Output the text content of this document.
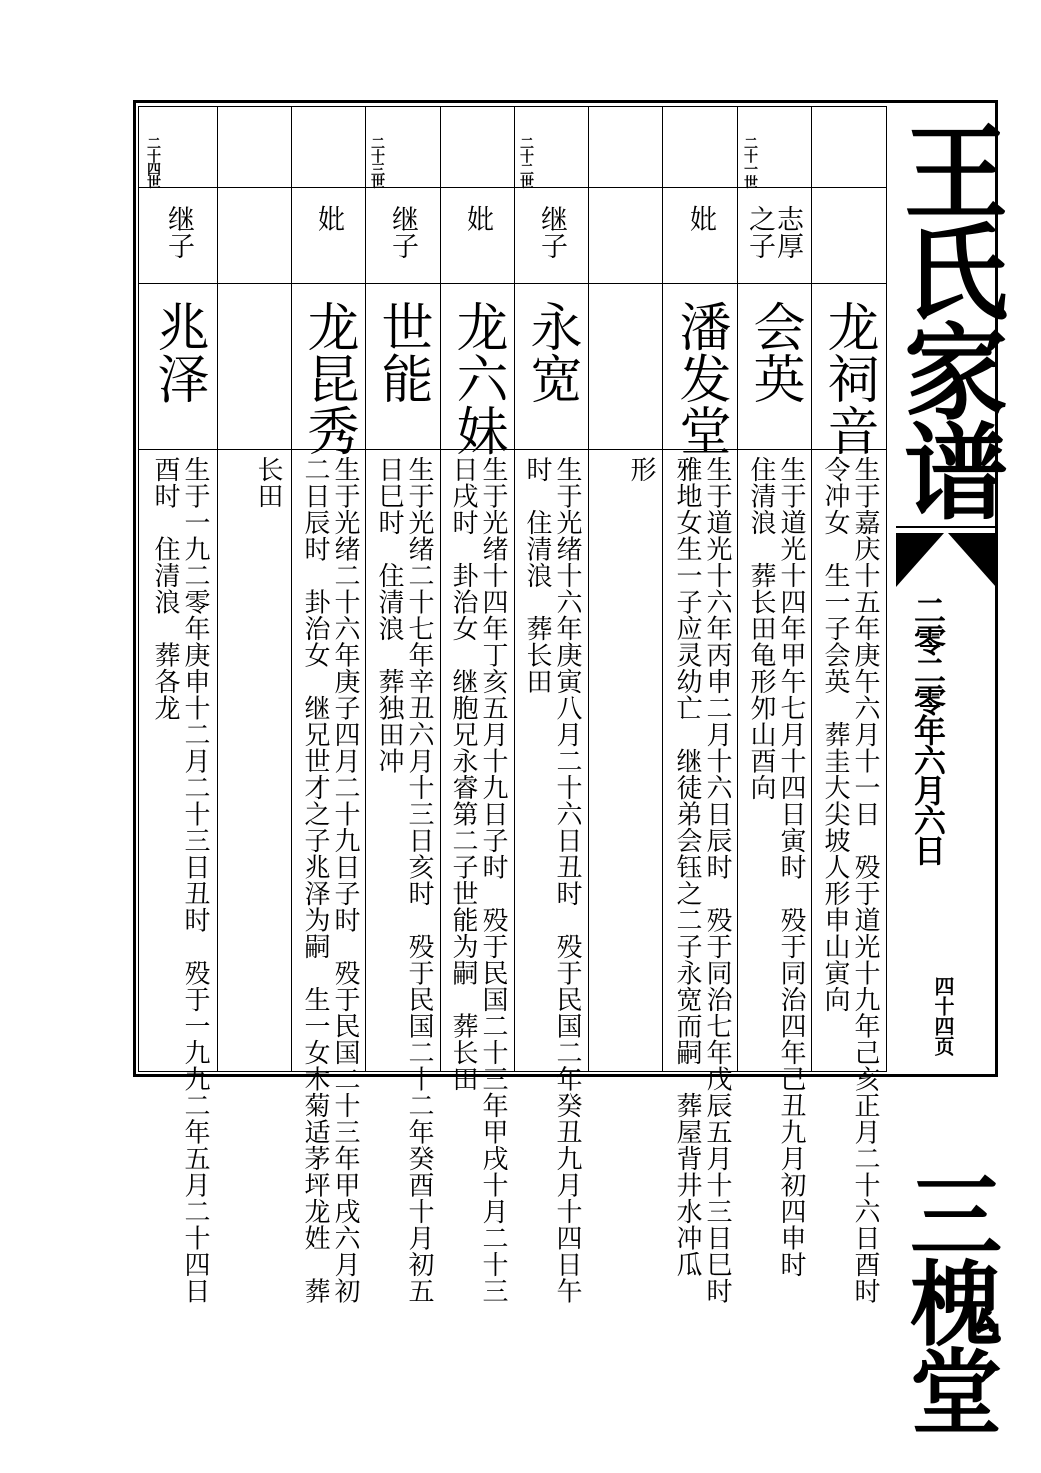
二十一世
龙祠音
生于嘉庆十五年庚午六月十一日　殁于道光十九年己亥正月二十六日酉时
令冲女　生一子会英　葬圭大尖坡人形申山寅向
志厚
之子
会英
生于道光十四年甲午七月十四日寅时　殁于同治四年己丑九月初四申时
住清浪　葬长田龟形夘山酉向
妣
潘发堂
生于道光十六年丙申二月十六日辰时　殁于同治七年戊辰五月十三日巳时
雅地女生一子应灵幼亡　继徒弟会钰之二子永宽而嗣　葬屋背井水冲瓜
形
二十二世
继子
永宽
生于光绪十六年庚寅八月二十六日丑时　殁于民国二年癸丑九月十四日午
时　住清浪　葬长田
妣
龙六妹
生于光绪十四年丁亥五月十九日子时　殁于民国二十三年甲戌十月二十三
日戌时　卦治女　继胞兄永睿第二子世能为嗣　葬长田
二十三世
继子
世能
生于光绪二十七年辛丑六月十三日亥时　殁于民国二十二年癸酉十月初五
日巳时　住清浪　葬独田冲
妣
龙昆秀
生于光绪二十六年庚子四月二十九日子时　殁于民国二十三年甲戌六月初
二日辰时　卦治女　继兄世才之子兆泽为嗣　生一女木菊适茅坪龙姓　葬
长田
二十四世
继子
兆泽
生于一九二零年庚申十二月二十三日丑时　殁于一九九二年五月二十四日
酉时　住清浪　葬各龙
王氏家谱
二零二零年六月六日
四十四页
三槐堂
